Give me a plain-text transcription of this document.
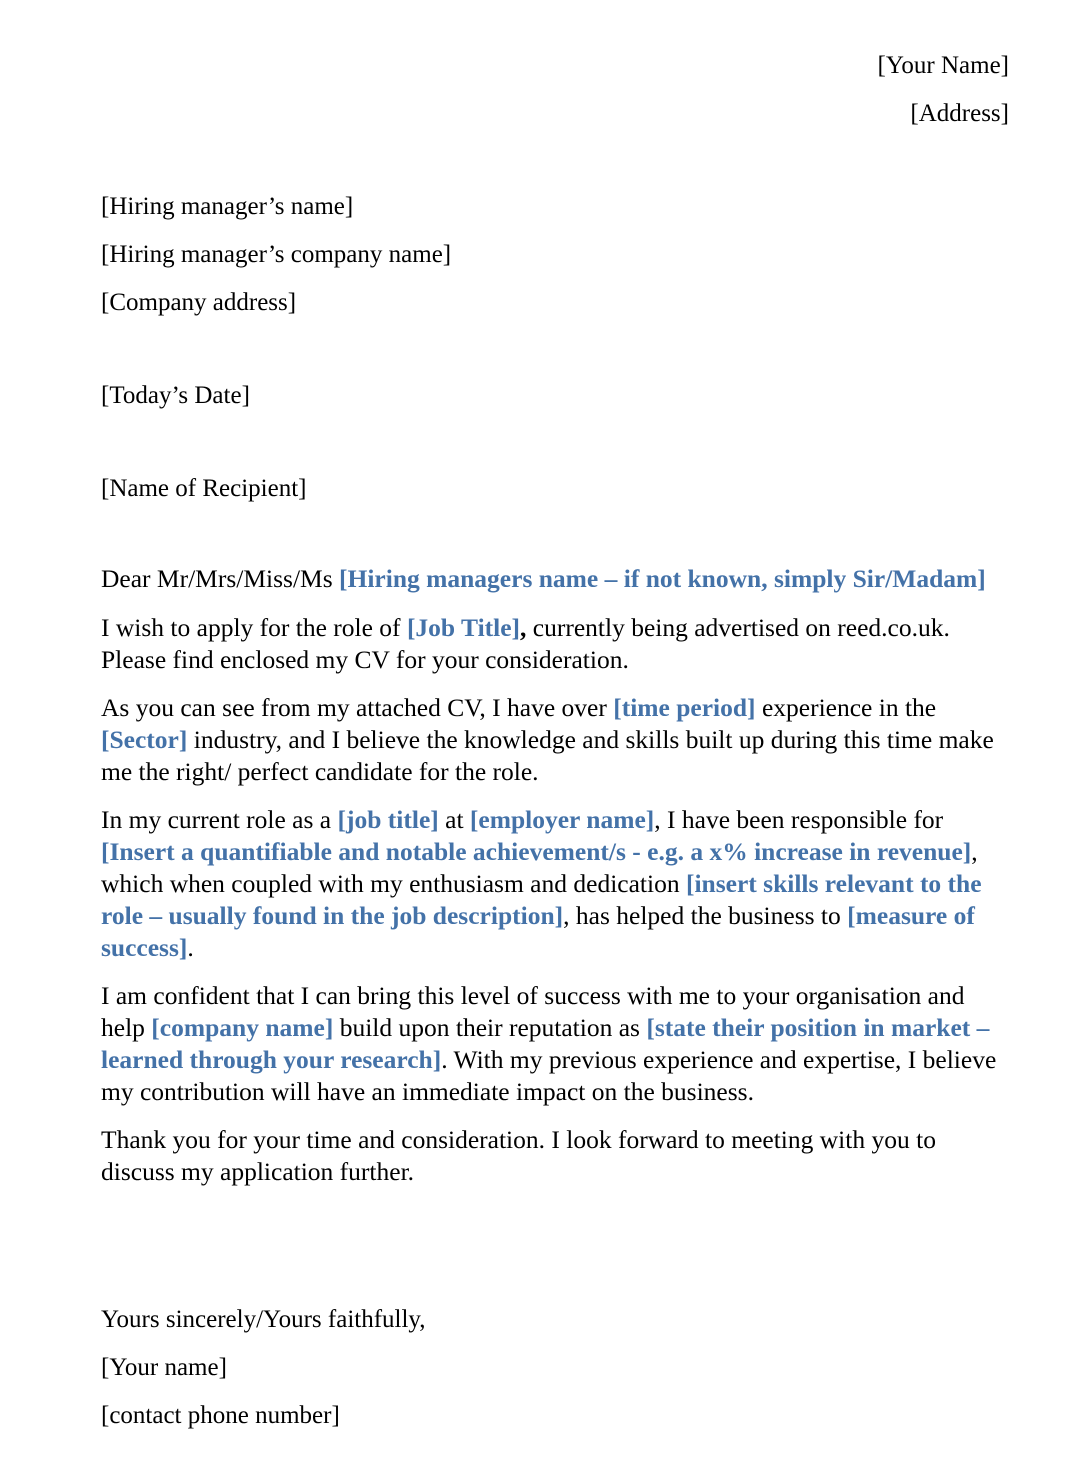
[Your Name]
[Address]
[Hiring manager’s name]
[Hiring manager’s company name]
[Company address]
[Today’s Date]
[Name of Recipient]

Dear Mr/Mrs/Miss/Ms [Hiring managers name – if not known, simply Sir/Madam]

I wish to apply for the role of [Job Title], currently being advertised on reed.co.uk. Please find enclosed my CV for your consideration.

As you can see from my attached CV, I have over [time period] experience in the [Sector] industry, and I believe the knowledge and skills built up during this time make me the right/ perfect candidate for the role.

In my current role as a [job title] at [employer name], I have been responsible for [Insert a quantifiable and notable achievement/s - e.g. a x% increase in revenue], which when coupled with my enthusiasm and dedication [insert skills relevant to the role – usually found in the job description], has helped the business to [measure of success].

I am confident that I can bring this level of success with me to your organisation and help [company name] build upon their reputation as [state their position in market – learned through your research]. With my previous experience and expertise, I believe my contribution will have an immediate impact on the business.

Thank you for your time and consideration. I look forward to meeting with you to discuss my application further.

Yours sincerely/Yours faithfully,
[Your name]
[contact phone number]
